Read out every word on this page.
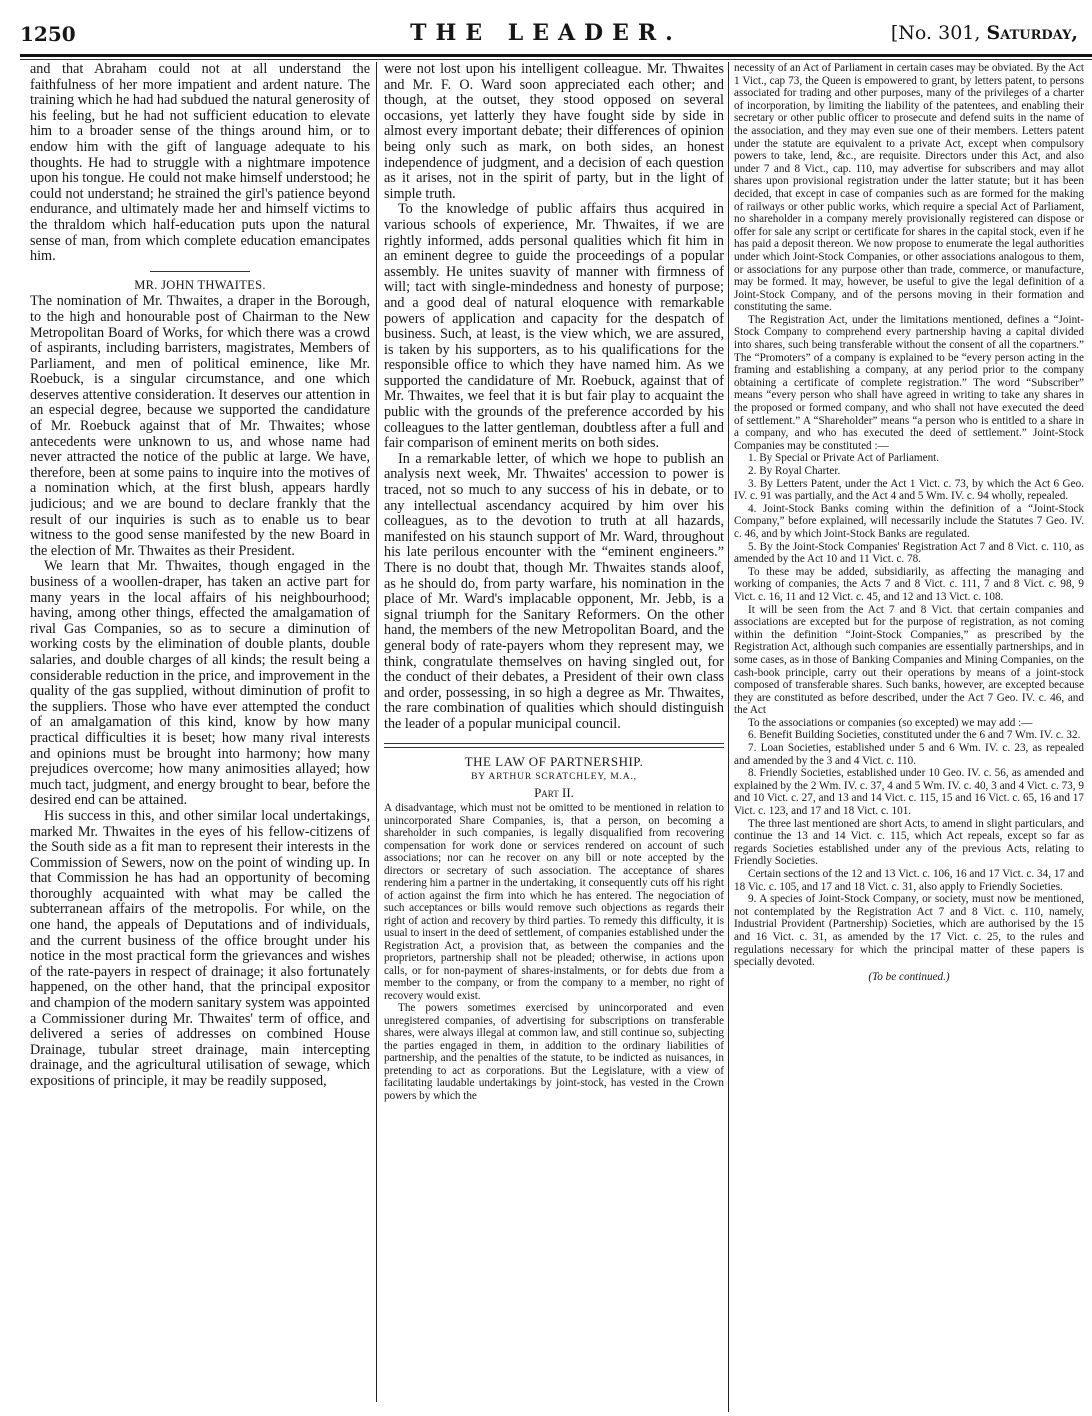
1250	THE LEADER.	[No. 301, Saturday,

and that Abraham could not at all understand the faithfulness of her more impatient and ardent nature. The training which he had had subdued the natural generosity of his feeling, but he had not sufficient education to elevate him to a broader sense of the things around him, or to endow him with the gift of language adequate to his thoughts. He had to struggle with a nightmare impotence upon his tongue. He could not make himself understood; he could not understand; he strained the girl's patience beyond endurance, and ultimately made her and himself victims to the thraldom which half-education puts upon the natural sense of man, from which complete education emancipates him.

MR. JOHN THWAITES.

The nomination of Mr. Thwaites, a draper in the Borough, to the high and honourable post of Chairman to the New Metropolitan Board of Works, for which there was a crowd of aspirants, including barristers, magistrates, Members of Parliament, and men of political eminence, like Mr. Roebuck, is a singular circumstance, and one which deserves attentive consideration. It deserves our attention in an especial degree, because we supported the candidature of Mr. Roebuck against that of Mr. Thwaites; whose antecedents were unknown to us, and whose name had never attracted the notice of the public at large. We have, therefore, been at some pains to inquire into the motives of a nomination which, at the first blush, appears hardly judicious; and we are bound to declare frankly that the result of our inquiries is such as to enable us to bear witness to the good sense manifested by the new Board in the election of Mr. Thwaites as their President.

We learn that Mr. Thwaites, though engaged in the business of a woollen-draper, has taken an active part for many years in the local affairs of his neighbourhood; having, among other things, effected the amalgamation of rival Gas Companies, so as to secure a diminution of working costs by the elimination of double plants, double salaries, and double charges of all kinds; the result being a considerable reduction in the price, and improvement in the quality of the gas supplied, without diminution of profit to the suppliers. Those who have ever attempted the conduct of an amalgamation of this kind, know by how many practical difficulties it is beset; how many rival interests and opinions must be brought into harmony; how many prejudices overcome; how many animosities allayed; how much tact, judgment, and energy brought to bear, before the desired end can be attained.

His success in this, and other similar local undertakings, marked Mr. Thwaites in the eyes of his fellow-citizens of the South side as a fit man to represent their interests in the Commission of Sewers, now on the point of winding up. In that Commission he has had an opportunity of becoming thoroughly acquainted with what may be called the subterranean affairs of the metropolis. For while, on the one hand, the appeals of Deputations and of individuals, and the current business of the office brought under his notice in the most practical form the grievances and wishes of the rate-payers in respect of drainage; it also fortunately happened, on the other hand, that the principal expositor and champion of the modern sanitary system was appointed a Commissioner during Mr. Thwaites' term of office, and delivered a series of addresses on combined House Drainage, tubular street drainage, main intercepting drainage, and the agricultural utilisation of sewage, which expositions of principle, it may be readily supposed,

were not lost upon his intelligent colleague. Mr. Thwaites and Mr. F. O. Ward soon appreciated each other; and though, at the outset, they stood opposed on several occasions, yet latterly they have fought side by side in almost every important debate; their differences of opinion being only such as mark, on both sides, an honest independence of judgment, and a decision of each question as it arises, not in the spirit of party, but in the light of simple truth.

To the knowledge of public affairs thus acquired in various schools of experience, Mr. Thwaites, if we are rightly informed, adds personal qualities which fit him in an eminent degree to guide the proceedings of a popular assembly. He unites suavity of manner with firmness of will; tact with single-mindedness and honesty of purpose; and a good deal of natural eloquence with remarkable powers of application and capacity for the despatch of business. Such, at least, is the view which, we are assured, is taken by his supporters, as to his qualifications for the responsible office to which they have named him. As we supported the candidature of Mr. Roebuck, against that of Mr. Thwaites, we feel that it is but fair play to acquaint the public with the grounds of the preference accorded by his colleagues to the latter gentleman, doubtless after a full and fair comparison of eminent merits on both sides.

In a remarkable letter, of which we hope to publish an analysis next week, Mr. Thwaites' accession to power is traced, not so much to any success of his in debate, or to any intellectual ascendancy acquired by him over his colleagues, as to the devotion to truth at all hazards, manifested on his staunch support of Mr. Ward, throughout his late perilous encounter with the “eminent engineers.” There is no doubt that, though Mr. Thwaites stands aloof, as he should do, from party warfare, his nomination in the place of Mr. Ward's implacable opponent, Mr. Jebb, is a signal triumph for the Sanitary Reformers. On the other hand, the members of the new Metropolitan Board, and the general body of rate-payers whom they represent may, we think, congratulate themselves on having singled out, for the conduct of their debates, a President of their own class and order, possessing, in so high a degree as Mr. Thwaites, the rare combination of qualities which should distinguish the leader of a popular municipal council.

THE LAW OF PARTNERSHIP.
BY ARTHUR SCRATCHLEY, M.A.,
Part II.

A disadvantage, which must not be omitted to be mentioned in relation to unincorporated Share Companies, is, that a person, on becoming a shareholder in such companies, is legally disqualified from recovering compensation for work done or services rendered on account of such associations; nor can he recover on any bill or note accepted by the directors or secretary of such association. The acceptance of shares rendering him a partner in the undertaking, it consequently cuts off his right of action against the firm into which he has entered. The negociation of such acceptances or bills would remove such objections as regards their right of action and recovery by third parties. To remedy this difficulty, it is usual to insert in the deed of settlement, of companies established under the Registration Act, a provision that, as between the companies and the proprietors, partnership shall not be pleaded; otherwise, in actions upon calls, or for non-payment of shares-instalments, or for debts due from a member to the company, or from the company to a member, no right of recovery would exist.

The powers sometimes exercised by unincorporated and even unregistered companies, of advertising for subscriptions on transferable shares, were always illegal at common law, and still continue so, subjecting the parties engaged in them, in addition to the ordinary liabilities of partnership, and the penalties of the statute, to be indicted as nuisances, in pretending to act as corporations. But the Legislature, with a view of facilitating laudable undertakings by joint-stock, has vested in the Crown powers by which the

necessity of an Act of Parliament in certain cases may be obviated. By the Act 1 Vict., cap 73, the Queen is empowered to grant, by letters patent, to persons associated for trading and other purposes, many of the privileges of a charter of incorporation, by limiting the liability of the patentees, and enabling their secretary or other public officer to prosecute and defend suits in the name of the association, and they may even sue one of their members. Letters patent under the statute are equivalent to a private Act, except when compulsory powers to take, lend, &c., are requisite. Directors under this Act, and also under 7 and 8 Vict., cap. 110, may advertise for subscribers and may allot shares upon provisional registration under the latter statute; but it has been decided, that except in case of companies such as are formed for the making of railways or other public works, which require a special Act of Parliament, no shareholder in a company merely provisionally registered can dispose or offer for sale any script or certificate for shares in the capital stock, even if he has paid a deposit thereon. We now propose to enumerate the legal authorities under which Joint-Stock Companies, or other associations analogous to them, or associations for any purpose other than trade, commerce, or manufacture, may be formed. It may, however, be useful to give the legal definition of a Joint-Stock Company, and of the persons moving in their formation and constituting the same.

The Registration Act, under the limitations mentioned, defines a “Joint-Stock Company to comprehend every partnership having a capital divided into shares, such being transferable without the consent of all the copartners.” The “Promoters” of a company is explained to be “every person acting in the framing and establishing a company, at any period prior to the company obtaining a certificate of complete registration.” The word “Subscriber” means “every person who shall have agreed in writing to take any shares in the proposed or formed company, and who shall not have executed the deed of settlement.” A “Shareholder” means “a person who is entitled to a share in a company, and who has executed the deed of settlement.” Joint-Stock Companies may be constituted :—

1. By Special or Private Act of Parliament.

2. By Royal Charter.

3. By Letters Patent, under the Act 1 Vict. c. 73, by which the Act 6 Geo. IV. c. 91 was partially, and the Act 4 and 5 Wm. IV. c. 94 wholly, repealed.

4. Joint-Stock Banks coming within the definition of a “Joint-Stock Company,” before explained, will necessarily include the Statutes 7 Geo. IV. c. 46, and by which Joint-Stock Banks are regulated.

5. By the Joint-Stock Companies' Registration Act 7 and 8 Vict. c. 110, as amended by the Act 10 and 11 Vict. c. 78.

To these may be added, subsidiarily, as affecting the managing and working of companies, the Acts 7 and 8 Vict. c. 111, 7 and 8 Vict. c. 98, 9 Vict. c. 16, 11 and 12 Vict. c. 45, and 12 and 13 Vict. c. 108.

It will be seen from the Act 7 and 8 Vict. that certain companies and associations are excepted but for the purpose of registration, as not coming within the definition “Joint-Stock Companies,” as prescribed by the Registration Act, although such companies are essentially partnerships, and in some cases, as in those of Banking Companies and Mining Companies, on the cash-book principle, carry out their operations by means of a joint-stock composed of transferable shares. Such banks, however, are excepted because they are constituted as before described, under the Act 7 Geo. IV. c. 46, and the Act

To the associations or companies (so excepted) we may add :—

6. Benefit Building Societies, constituted under the 6 and 7 Wm. IV. c. 32.

7. Loan Societies, established under 5 and 6 Wm. IV. c. 23, as repealed and amended by the 3 and 4 Vict. c. 110.

8. Friendly Societies, established under 10 Geo. IV. c. 56, as amended and explained by the 2 Wm. IV. c. 37, 4 and 5 Wm. IV. c. 40, 3 and 4 Vict. c. 73, 9 and 10 Vict. c. 27, and 13 and 14 Vict. c. 115, 15 and 16 Vict. c. 65, 16 and 17 Vict. c. 123, and 17 and 18 Vict. c. 101.

The three last mentioned are short Acts, to amend in slight particulars, and continue the 13 and 14 Vict. c. 115, which Act repeals, except so far as regards Societies established under any of the previous Acts, relating to Friendly Societies.

Certain sections of the 12 and 13 Vict. c. 106, 16 and 17 Vict. c. 34, 17 and 18 Vic. c. 105, and 17 and 18 Vict. c. 31, also apply to Friendly Societies.

9. A species of Joint-Stock Company, or society, must now be mentioned, not contemplated by the Registration Act 7 and 8 Vict. c. 110, namely, Industrial Provident (Partnership) Societies, which are authorised by the 15 and 16 Vict. c. 31, as amended by the 17 Vict. c. 25, to the rules and regulations necessary for which the principal matter of these papers is specially devoted.

(To be continued.)
